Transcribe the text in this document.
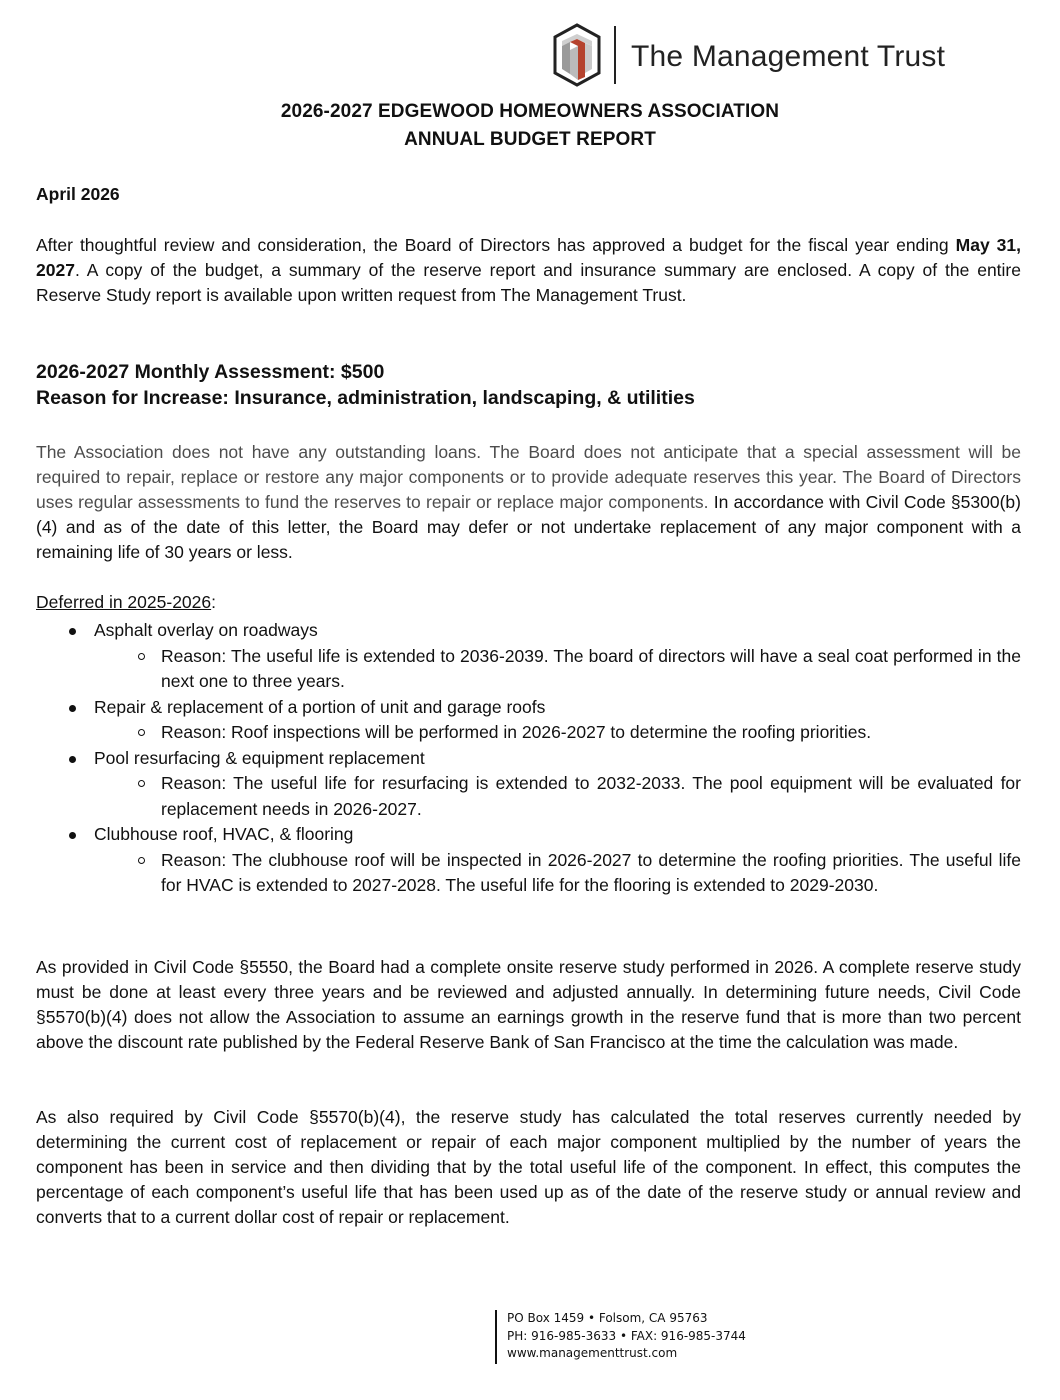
The Management Trust
2026-2027 EDGEWOOD HOMEOWNERS ASSOCIATION
ANNUAL BUDGET REPORT
April 2026
After thoughtful review and consideration, the Board of Directors has approved a budget for the fiscal year ending May 31, 2027. A copy of the budget, a summary of the reserve report and insurance summary are enclosed. A copy of the entire Reserve Study report is available upon written request from The Management Trust.
2026-2027 Monthly Assessment: $500
Reason for Increase: Insurance, administration, landscaping, & utilities
The Association does not have any outstanding loans. The Board does not anticipate that a special assessment will be required to repair, replace or restore any major components or to provide adequate reserves this year. The Board of Directors uses regular assessments to fund the reserves to repair or replace major components. In accordance with Civil Code §5300(b)(4) and as of the date of this letter, the Board may defer or not undertake replacement of any major component with a remaining life of 30 years or less.
Deferred in 2025-2026:
Asphalt overlay on roadways
Reason: The useful life is extended to 2036-2039. The board of directors will have a seal coat performed in the next one to three years.
Repair & replacement of a portion of unit and garage roofs
Reason: Roof inspections will be performed in 2026-2027 to determine the roofing priorities.
Pool resurfacing & equipment replacement
Reason: The useful life for resurfacing is extended to 2032-2033. The pool equipment will be evaluated for replacement needs in 2026-2027.
Clubhouse roof, HVAC, & flooring
Reason: The clubhouse roof will be inspected in 2026-2027 to determine the roofing priorities. The useful life for HVAC is extended to 2027-2028. The useful life for the flooring is extended to 2029-2030.
As provided in Civil Code §5550, the Board had a complete onsite reserve study performed in 2026. A complete reserve study must be done at least every three years and be reviewed and adjusted annually. In determining future needs, Civil Code §5570(b)(4) does not allow the Association to assume an earnings growth in the reserve fund that is more than two percent above the discount rate published by the Federal Reserve Bank of San Francisco at the time the calculation was made.
As also required by Civil Code §5570(b)(4), the reserve study has calculated the total reserves currently needed by determining the current cost of replacement or repair of each major component multiplied by the number of years the component has been in service and then dividing that by the total useful life of the component. In effect, this computes the percentage of each component’s useful life that has been used up as of the date of the reserve study or annual review and converts that to a current dollar cost of repair or replacement.
PO Box 1459 • Folsom, CA 95763
PH: 916-985-3633 • FAX: 916-985-3744
www.managementtrust.com
